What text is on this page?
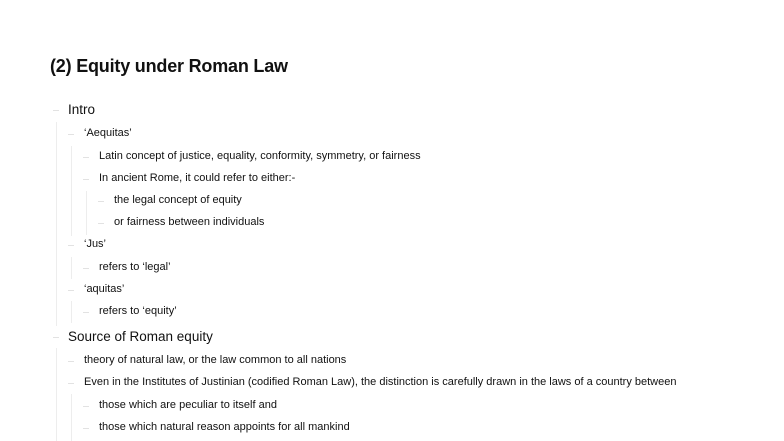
(2) Equity under Roman Law
Intro
‘Aequitas’
Latin concept of justice, equality, conformity, symmetry, or fairness
In ancient Rome, it could refer to either:-
the legal concept of equity
or fairness between individuals
‘Jus’
refers to ‘legal’
‘aquitas’
refers to ‘equity’
Source of Roman equity
theory of natural law, or the law common to all nations
Even in the Institutes of Justinian (codified Roman Law), the distinction is carefully drawn in the laws of a country between
those which are peculiar to itself and
those which natural reason appoints for all mankind
